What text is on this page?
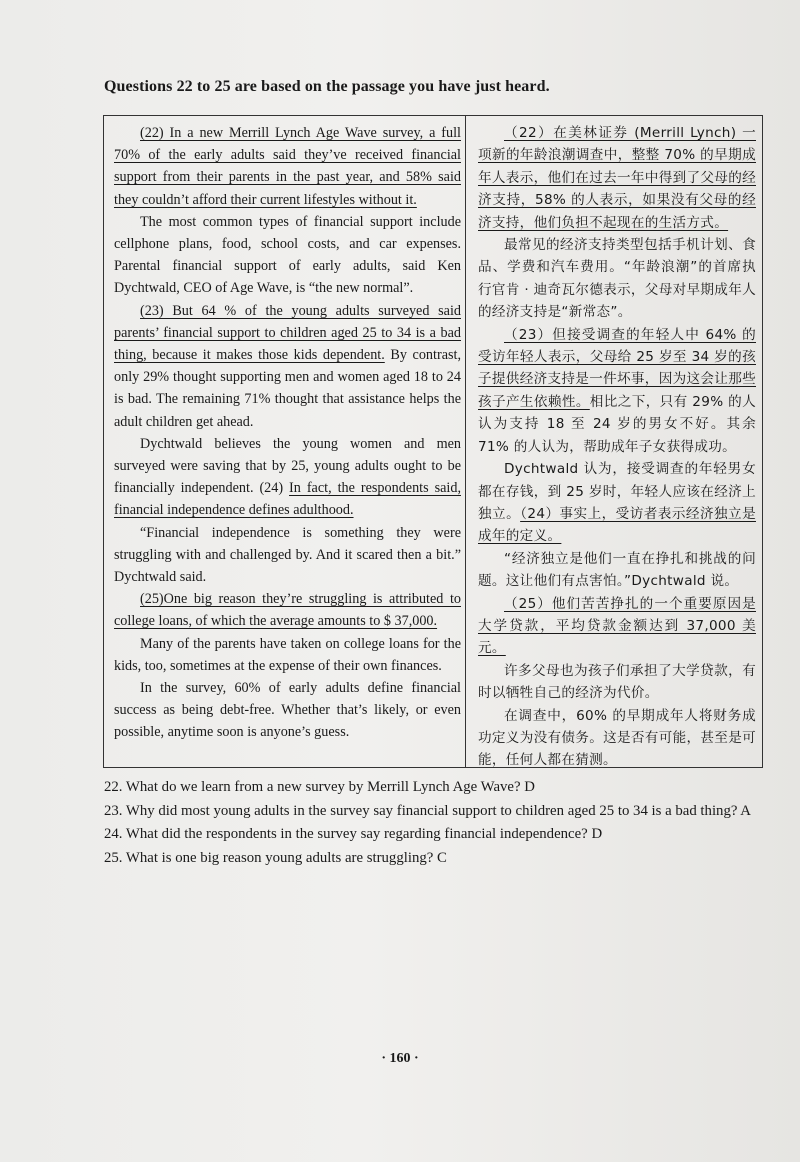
Questions 22 to 25 are based on the passage you have just heard.

(22) In a new Merrill Lynch Age Wave survey, a full 70% of the early adults said they’ve received financial support from their parents in the past year, and 58% said they couldn’t afford their current lifestyles without it.

The most common types of financial support include cellphone plans, food, school costs, and car expenses. Parental financial support of early adults, said Ken Dychtwald, CEO of Age Wave, is “the new normal”.

(23) But 64 % of the young adults surveyed said parents’ financial support to children aged 25 to 34 is a bad thing, because it makes those kids dependent. By contrast, only 29% thought supporting men and women aged 18 to 24 is bad. The remaining 71% thought that assistance helps the adult children get ahead.

Dychtwald believes the young women and men surveyed were saving that by 25, young adults ought to be financially independent. (24) In fact, the respondents said, financial independence defines adulthood.

“Financial independence is something they were struggling with and challenged by. And it scared then a bit.” Dychtwald said.

(25)One big reason they’re struggling is attributed to college loans, of which the average amounts to $ 37,000.

Many of the parents have taken on college loans for the kids, too, sometimes at the expense of their own finances.

In the survey, 60% of early adults define financial success as being debt-free. Whether that’s likely, or even possible, anytime soon is anyone’s guess.

（22）在美林证券 (Merrill Lynch) 一项新的年龄浪潮调查中，整整 70% 的早期成年人表示，他们在过去一年中得到了父母的经济支持，58% 的人表示，如果没有父母的经济支持，他们负担不起现在的生活方式。

最常见的经济支持类型包括手机计划、食品、学费和汽车费用。“年龄浪潮”的首席执行官肯 · 迪奇瓦尔德表示，父母对早期成年人的经济支持是“新常态”。

（23）但接受调查的年轻人中 64% 的受访年轻人表示，父母给 25 岁至 34 岁的孩子提供经济支持是一件坏事，因为这会让那些孩子产生依赖性。相比之下，只有 29% 的人认为支持 18 至 24 岁的男女不好。其余 71% 的人认为，帮助成年子女获得成功。

Dychtwald 认为，接受调查的年轻男女都在存钱，到 25 岁时，年轻人应该在经济上独立。（24）事实上，受访者表示经济独立是成年的定义。

“经济独立是他们一直在挣扎和挑战的问题。这让他们有点害怕。”Dychtwald 说。

（25）他们苦苦挣扎的一个重要原因是大学贷款，平均贷款金额达到 37,000 美元。

许多父母也为孩子们承担了大学贷款，有时以牺牲自己的经济为代价。

在调查中，60% 的早期成年人将财务成功定义为没有债务。这是否有可能，甚至是可能，任何人都在猜测。

22. What do we learn from a new survey by Merrill Lynch Age Wave? D
23. Why did most young adults in the survey say financial support to children aged 25 to 34 is a bad thing? A
24. What did the respondents in the survey say regarding financial independence? D
25. What is one big reason young adults are struggling? C
· 160 ·
